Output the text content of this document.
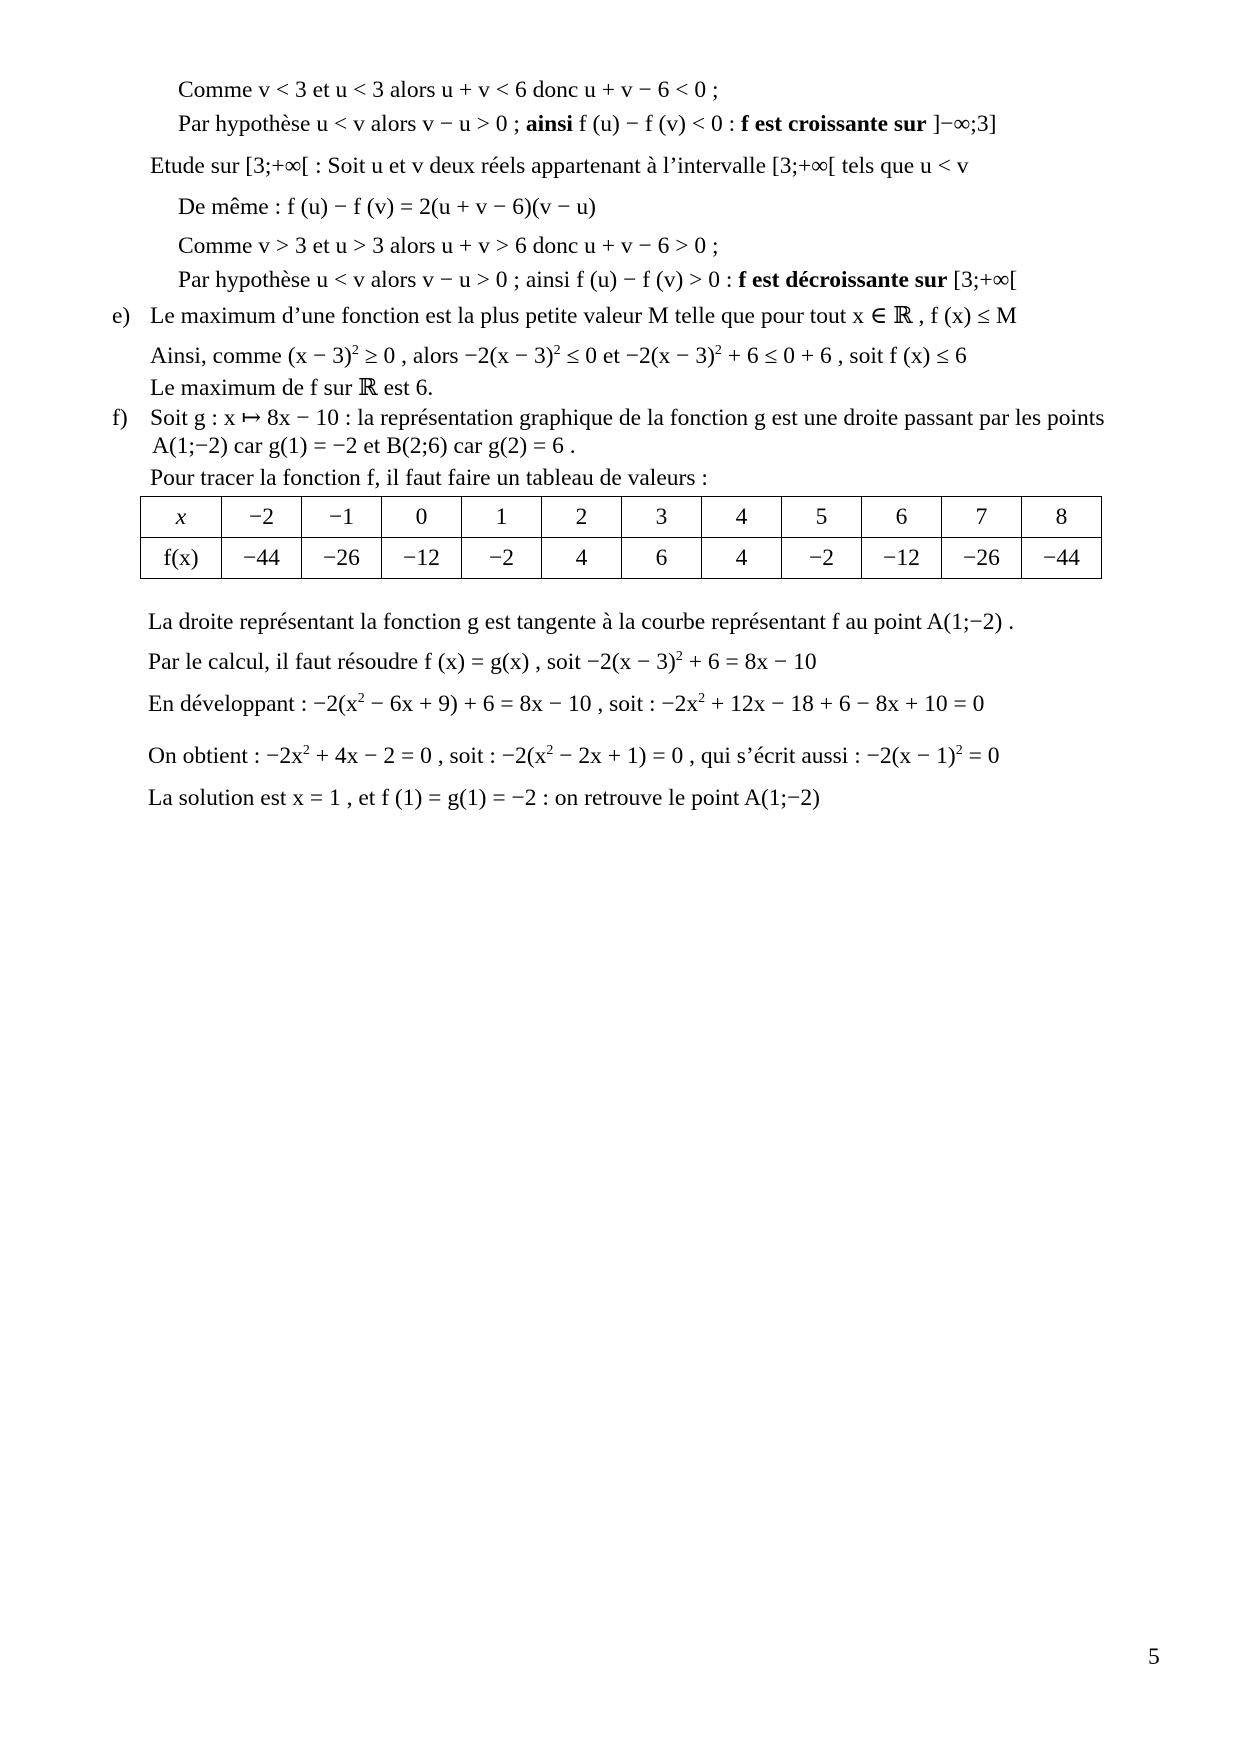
Comme v < 3 et u < 3 alors u + v < 6 donc u + v − 6 < 0 ;
Par hypothèse u < v alors v − u > 0 ; ainsi f (u) − f (v) < 0 : f est croissante sur ]−∞;3]
Etude sur [3;+∞[ : Soit u et v deux réels appartenant à l’intervalle [3;+∞[ tels que u < v
De même : f (u) − f (v) = 2(u + v − 6)(v − u)
Comme v > 3 et u > 3 alors u + v > 6 donc u + v − 6 > 0 ;
Par hypothèse u < v alors v − u > 0 ; ainsi f (u) − f (v) > 0 : f est décroissante sur [3;+∞[
e) Le maximum d’une fonction est la plus petite valeur M telle que pour tout x ∈ ℝ , f (x) ≤ M
Ainsi, comme $(x - 3)^2 \ge 0$ , alors $-2(x - 3)^2 \le 0$ et $-2(x - 3)^2 + 6 \le 0 + 6$ , soit f (x) ≤ 6
Le maximum de f sur ℝ est 6.
f) Soit g : x ↦ 8x − 10 : la représentation graphique de la fonction g est une droite passant par les points
A(1;−2) car g(1) = −2 et B(2;6) car g(2) = 6 .
Pour tracer la fonction f, il faut faire un tableau de valeurs :
x	−2	−1	0	1	2	3	4	5	6	7	8
f(x)	−44	−26	−12	−2	4	6	4	−2	−12	−26	−44
La droite représentant la fonction g est tangente à la courbe représentant f au point A(1;−2) .
Par le calcul, il faut résoudre f (x) = g(x) , soit $-2(x - 3)^2 + 6 = 8x - 10$
En développant : $-2(x^2 - 6x + 9) + 6 = 8x - 10$ , soit : $-2x^2 + 12x - 18 + 6 - 8x + 10 = 0$
On obtient : $-2x^2 + 4x - 2 = 0$ , soit : $-2(x^2 - 2x + 1) = 0$ , qui s’écrit aussi : $-2(x - 1)^2 = 0$
La solution est x = 1 , et f (1) = g(1) = −2 : on retrouve le point A(1;−2)
5
